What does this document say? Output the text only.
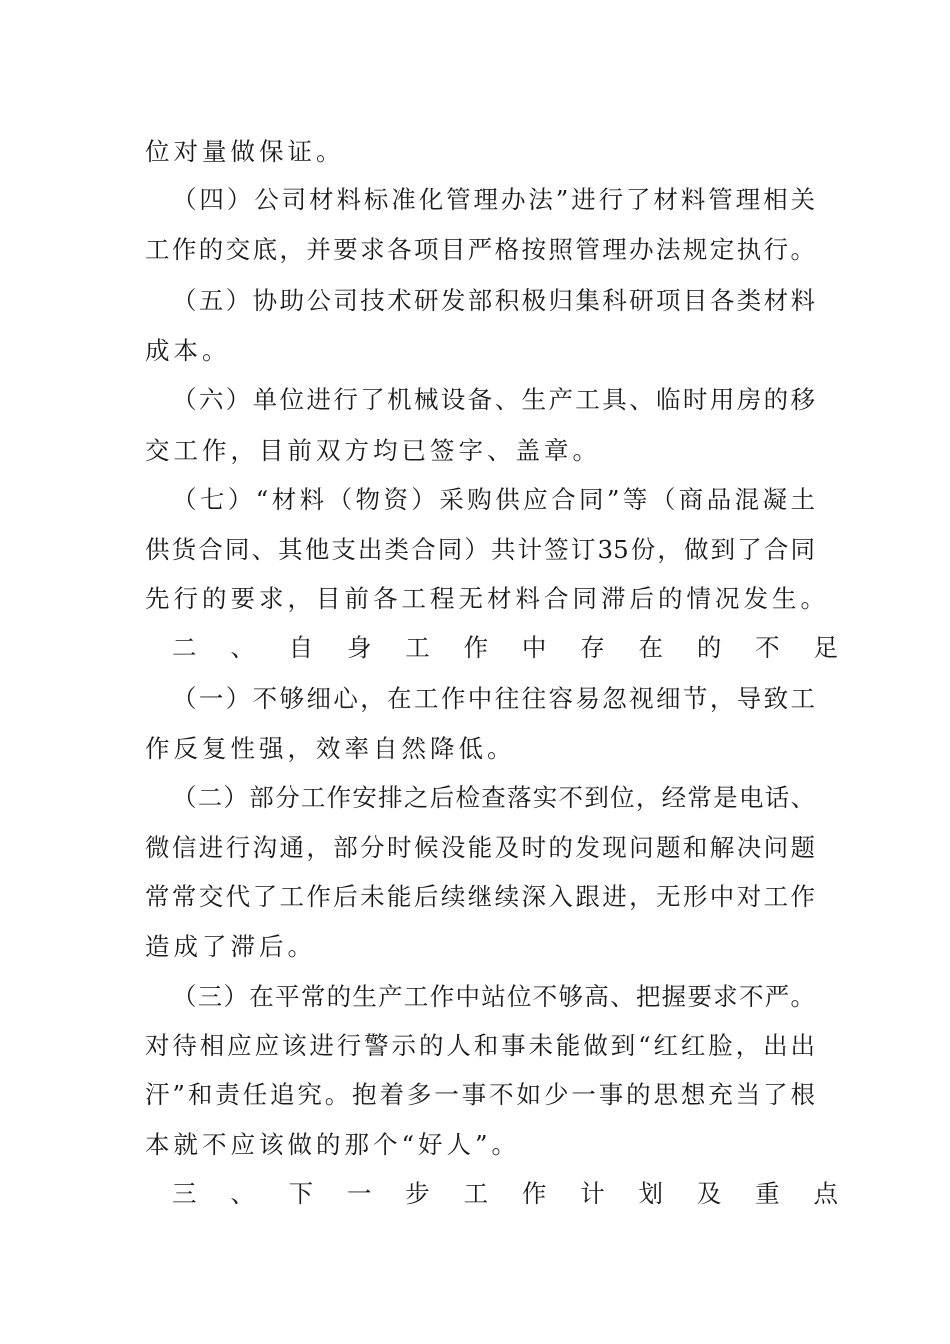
位对量做保证。
（四）公司材料标准化管理办法”进行了材料管理相关
工作的交底，并要求各项目严格按照管理办法规定执行。
（五）协助公司技术研发部积极归集科研项目各类材料
成本。
（六）单位进行了机械设备、生产工具、临时用房的移
交工作，目前双方均已签字、盖章。
（七）“材料（物资）采购供应合同”等（商品混凝土
供货合同、其他支出类合同）共计签订35份，做到了合同
先行的要求，目前各工程无材料合同滞后的情况发生。
二、自身工作中存在的不足
（一）不够细心，在工作中往往容易忽视细节，导致工
作反复性强，效率自然降低。
（二）部分工作安排之后检查落实不到位，经常是电话、
微信进行沟通，部分时候没能及时的发现问题和解决问题
常常交代了工作后未能后续继续深入跟进，无形中对工作
造成了滞后。
（三）在平常的生产工作中站位不够高、把握要求不严。
对待相应应该进行警示的人和事未能做到“红红脸，出出
汗”和责任追究。抱着多一事不如少一事的思想充当了根
本就不应该做的那个“好人”。
三、下一步工作计划及重点
